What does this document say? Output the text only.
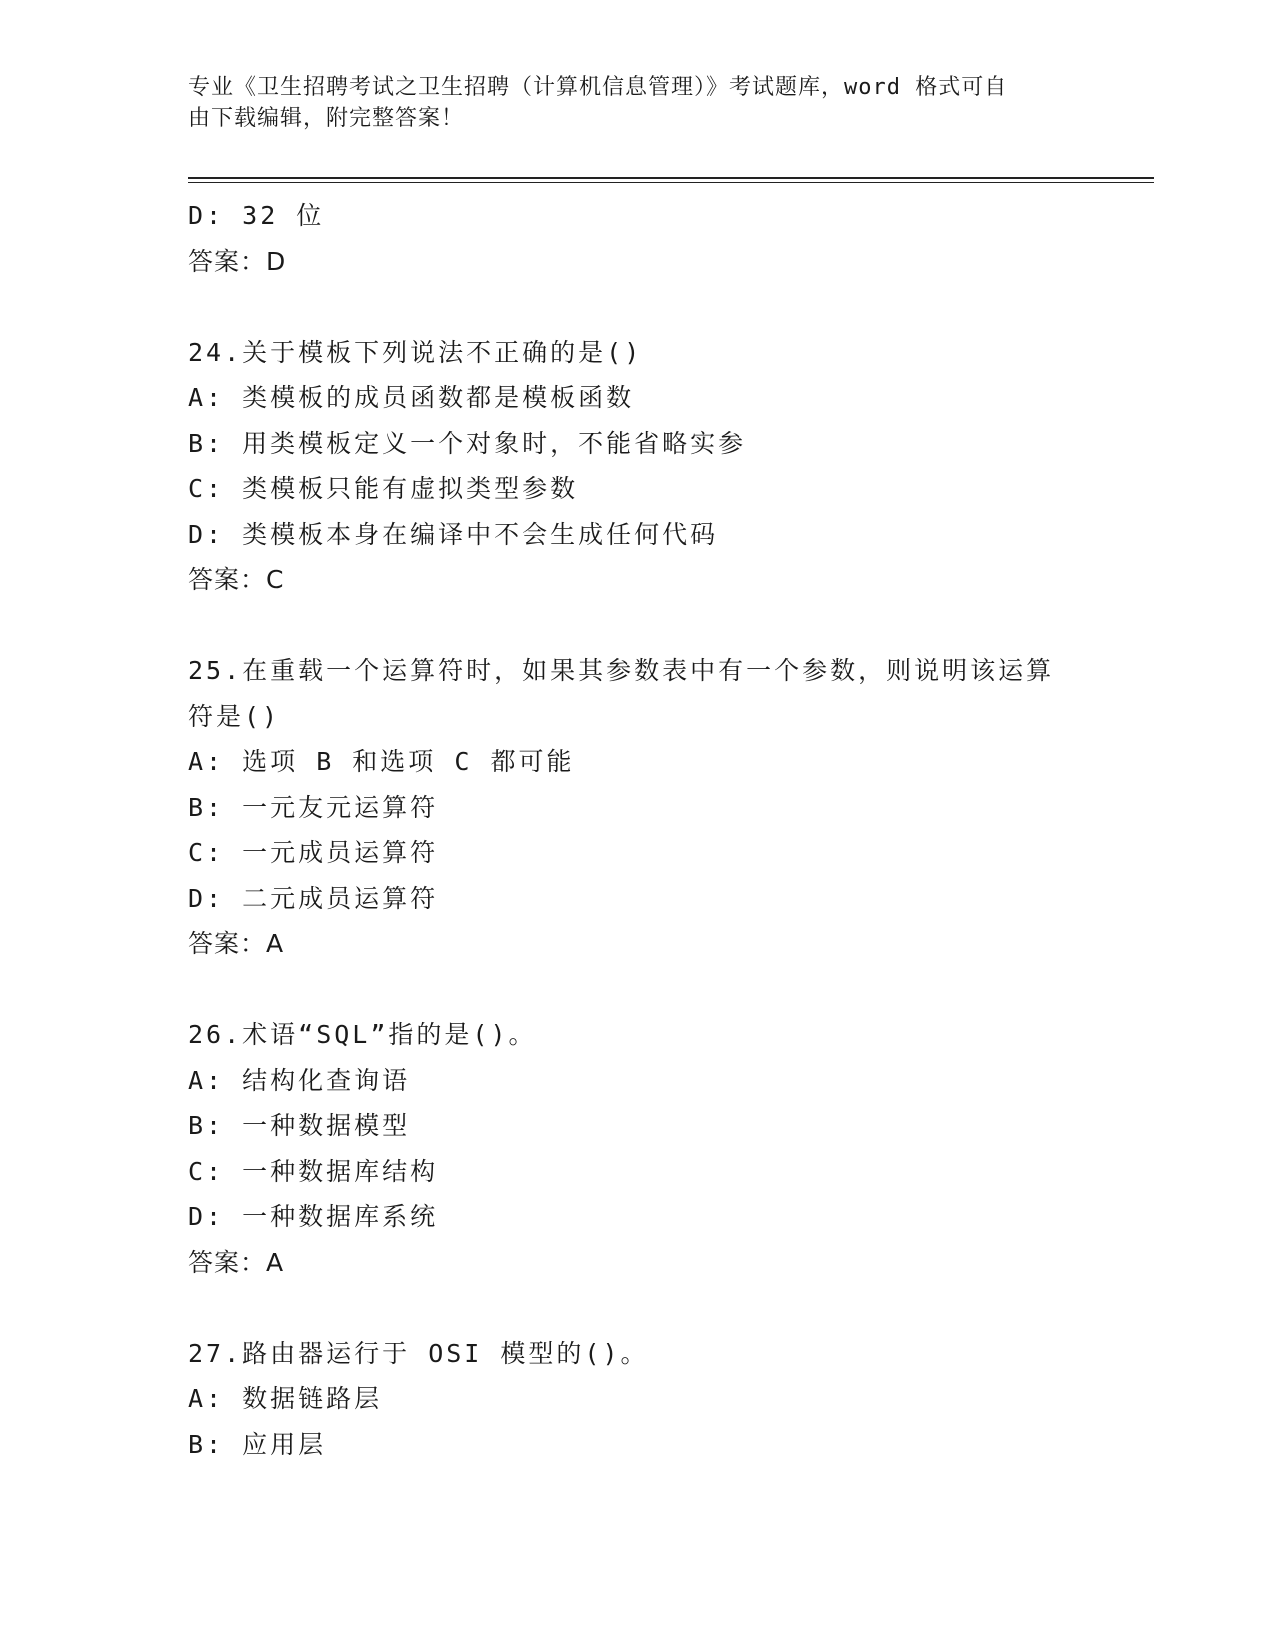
专业《卫生招聘考试之卫生招聘（计算机信息管理）》考试题库，word 格式可自
由下载编辑，附完整答案！
D: 32 位
答案：D
24.关于模板下列说法不正确的是()
A: 类模板的成员函数都是模板函数
B: 用类模板定义一个对象时，不能省略实参
C: 类模板只能有虚拟类型参数
D: 类模板本身在编译中不会生成任何代码
答案：C
25.在重载一个运算符时，如果其参数表中有一个参数，则说明该运算
符是()
A: 选项 B 和选项 C 都可能
B: 一元友元运算符
C: 一元成员运算符
D: 二元成员运算符
答案：A
26.术语“SQL”指的是()。
A: 结构化查询语
B: 一种数据模型
C: 一种数据库结构
D: 一种数据库系统
答案：A
27.路由器运行于 OSI 模型的()。
A: 数据链路层
B: 应用层
